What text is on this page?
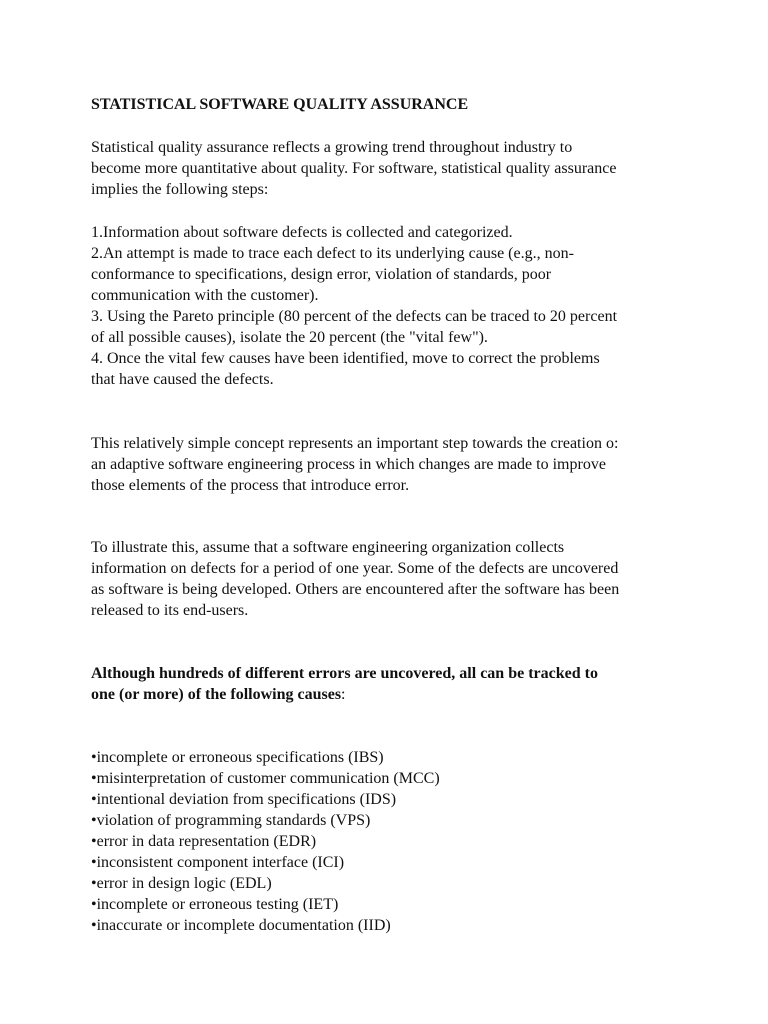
STATISTICAL SOFTWARE QUALITY ASSURANCE

Statistical quality assurance reflects a growing trend throughout industry to
become more quantitative about quality. For software, statistical quality assurance
implies the following steps:

1.Information about software defects is collected and categorized.
2.An attempt is made to trace each defect to its underlying cause (e.g., non-
conformance to specifications, design error, violation of standards, poor
communication with the customer).
3. Using the Pareto principle (80 percent of the defects can be traced to 20 percent
of all possible causes), isolate the 20 percent (the "vital few").
4. Once the vital few causes have been identified, move to correct the problems
that have caused the defects.

This relatively simple concept represents an important step towards the creation o:
an adaptive software engineering process in which changes are made to improve
those elements of the process that introduce error.

To illustrate this, assume that a software engineering organization collects
information on defects for a period of one year. Some of the defects are uncovered
as software is being developed. Others are encountered after the software has been
released to its end-users.

Although hundreds of different errors are uncovered, all can be tracked to
one (or more) of the following causes:

•incomplete or erroneous specifications (IBS)
•misinterpretation of customer communication (MCC)
•intentional deviation from specifications (IDS)
•violation of programming standards (VPS)
•error in data representation (EDR)
•inconsistent component interface (ICI)
•error in design logic (EDL)
•incomplete or erroneous testing (IET)
•inaccurate or incomplete documentation (IID)
